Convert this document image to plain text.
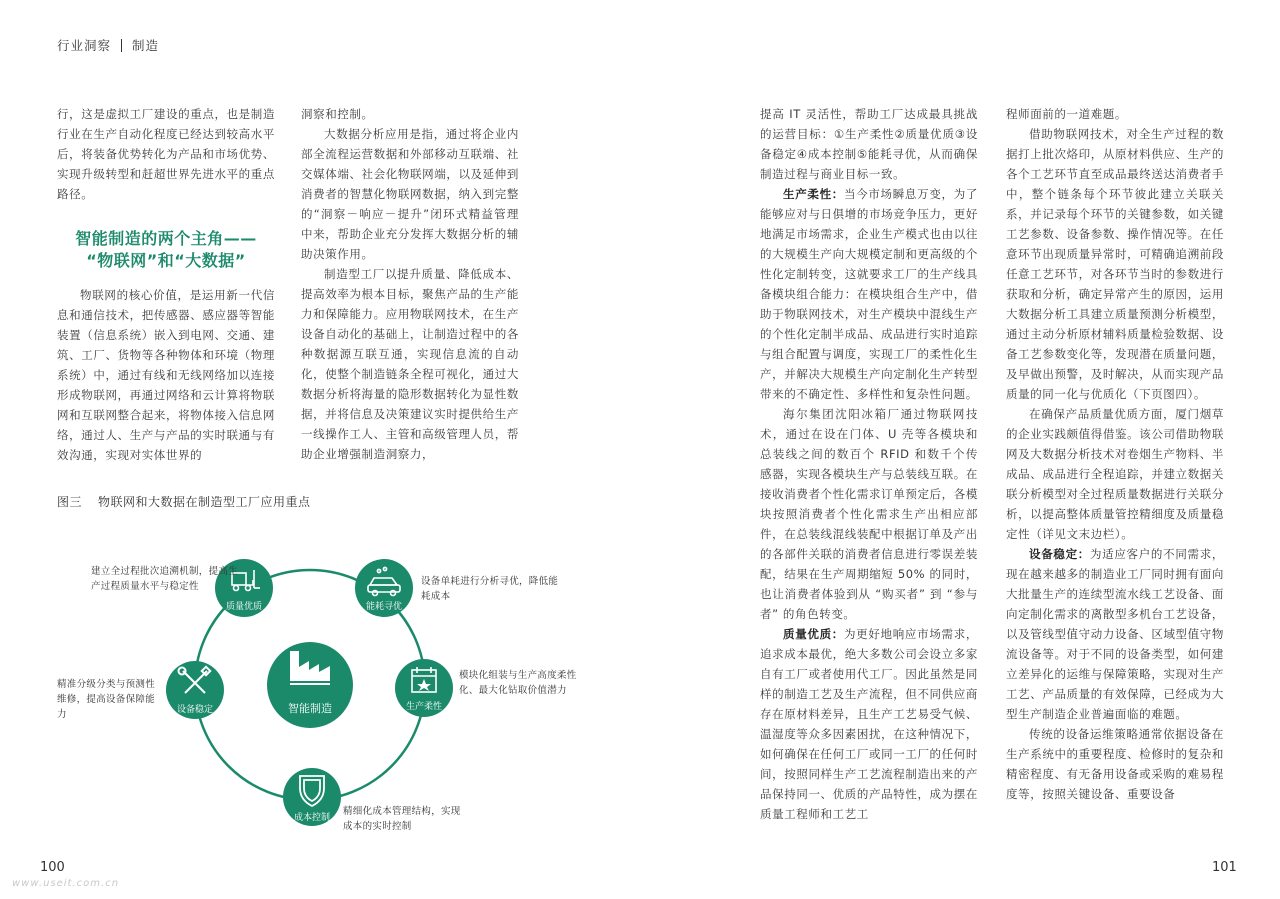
行业洞察 制造

行，这是虚拟工厂建设的重点，也是制造行业在生产自动化程度已经达到较高水平后，将装备优势转化为产品和市场优势、实现升级转型和赶超世界先进水平的重点路径。

智能制造的两个主角——
“物联网”和“大数据”

物联网的核心价值，是运用新一代信息和通信技术，把传感器、感应器等智能装置（信息系统）嵌入到电网、交通、建筑、工厂、货物等各种物体和环境（物理系统）中，通过有线和无线网络加以连接形成物联网，再通过网络和云计算将物联网和互联网整合起来，将物体接入信息网络，通过人、生产与产品的实时联通与有效沟通，实现对实体世界的

洞察和控制。

大数据分析应用是指，通过将企业内部全流程运营数据和外部移动互联端、社交媒体端、社会化物联网端，以及延伸到消费者的智慧化物联网数据，纳入到完整的“洞察－响应－提升”闭环式精益管理中来，帮助企业充分发挥大数据分析的辅助决策作用。

制造型工厂以提升质量、降低成本、提高效率为根本目标，聚焦产品的生产能力和保障能力。应用物联网技术，在生产设备自动化的基础上，让制造过程中的各种数据源互联互通，实现信息流的自动化，使整个制造链条全程可视化，通过大数据分析将海量的隐形数据转化为显性数据，并将信息及决策建议实时提供给生产一线操作工人、主管和高级管理人员，帮助企业增强制造洞察力，

图三 物联网和大数据在制造型工厂应用重点
智能制造
质量优质	能耗寻优
生产柔性
成本控制
设备稳定
建立全过程批次追溯机制，提高生产过程质量水平与稳定性	设备单耗进行分析寻优，降低能耗成本
模块化组装与生产高度柔性化、最大化钻取价值潜力
精细化成本管理结构，实现成本的实时控制
精准分级分类与预测性维修，提高设备保障能力

提高 IT 灵活性，帮助工厂达成最具挑战的运营目标：①生产柔性②质量优质③设备稳定④成本控制⑤能耗寻优，从而确保制造过程与商业目标一致。

生产柔性：当今市场瞬息万变，为了能够应对与日俱增的市场竞争压力，更好地满足市场需求，企业生产模式也由以往的大规模生产向大规模定制和更高级的个性化定制转变，这就要求工厂的生产线具备模块组合能力：在模块组合生产中，借助于物联网技术，对生产模块中混线生产的个性化定制半成品、成品进行实时追踪与组合配置与调度，实现工厂的柔性化生产，并解决大规模生产向定制化生产转型带来的不确定性、多样性和复杂性问题。

海尔集团沈阳冰箱厂通过物联网技术，通过在设在门体、U 壳等各模块和总装线之间的数百个 RFID 和数千个传感器，实现各模块生产与总装线互联。在接收消费者个性化需求订单预定后，各模块按照消费者个性化需求生产出相应部件，在总装线混线装配中根据订单及产出的各部件关联的消费者信息进行零误差装配，结果在生产周期缩短 50% 的同时，也让消费者体验到从 “购买者” 到 “参与者” 的角色转变。

质量优质：为更好地响应市场需求，追求成本最优，绝大多数公司会设立多家自有工厂或者使用代工厂。因此虽然是同样的制造工艺及生产流程，但不同供应商存在原材料差异，且生产工艺易受气候、温湿度等众多因素困扰，在这种情况下，如何确保在任何工厂或同一工厂的任何时间，按照同样生产工艺流程制造出来的产品保持同一、优质的产品特性，成为摆在质量工程师和工艺工

程师面前的一道难题。

借助物联网技术，对全生产过程的数据打上批次烙印，从原材料供应、生产的各个工艺环节直至成品最终送达消费者手中，整个链条每个环节彼此建立关联关系，并记录每个环节的关键参数，如关键工艺参数、设备参数、操作情况等。在任意环节出现质量异常时，可精确追溯前段任意工艺环节，对各环节当时的参数进行获取和分析，确定异常产生的原因，运用大数据分析工具建立质量预测分析模型，通过主动分析原材辅料质量检验数据、设备工艺参数变化等，发现潜在质量问题，及早做出预警，及时解决，从而实现产品质量的同一化与优质化（下页图四）。

在确保产品质量优质方面，厦门烟草的企业实践颇值得借鉴。该公司借助物联网及大数据分析技术对卷烟生产物料、半成品、成品进行全程追踪，并建立数据关联分析模型对全过程质量数据进行关联分析，以提高整体质量管控精细度及质量稳定性（详见文末边栏）。

设备稳定：为适应客户的不同需求，现在越来越多的制造业工厂同时拥有面向大批量生产的连续型流水线工艺设备、面向定制化需求的离散型多机台工艺设备，以及管线型值守动力设备、区域型值守物流设备等。对于不同的设备类型，如何建立差异化的运维与保障策略，实现对生产工艺、产品质量的有效保障，已经成为大型生产制造企业普遍面临的难题。

传统的设备运维策略通常依据设备在生产系统中的重要程度、检修时的复杂和精密程度、有无备用设备或采购的难易程度等，按照关键设备、重要设备

100	101
www.useit.com.cn
